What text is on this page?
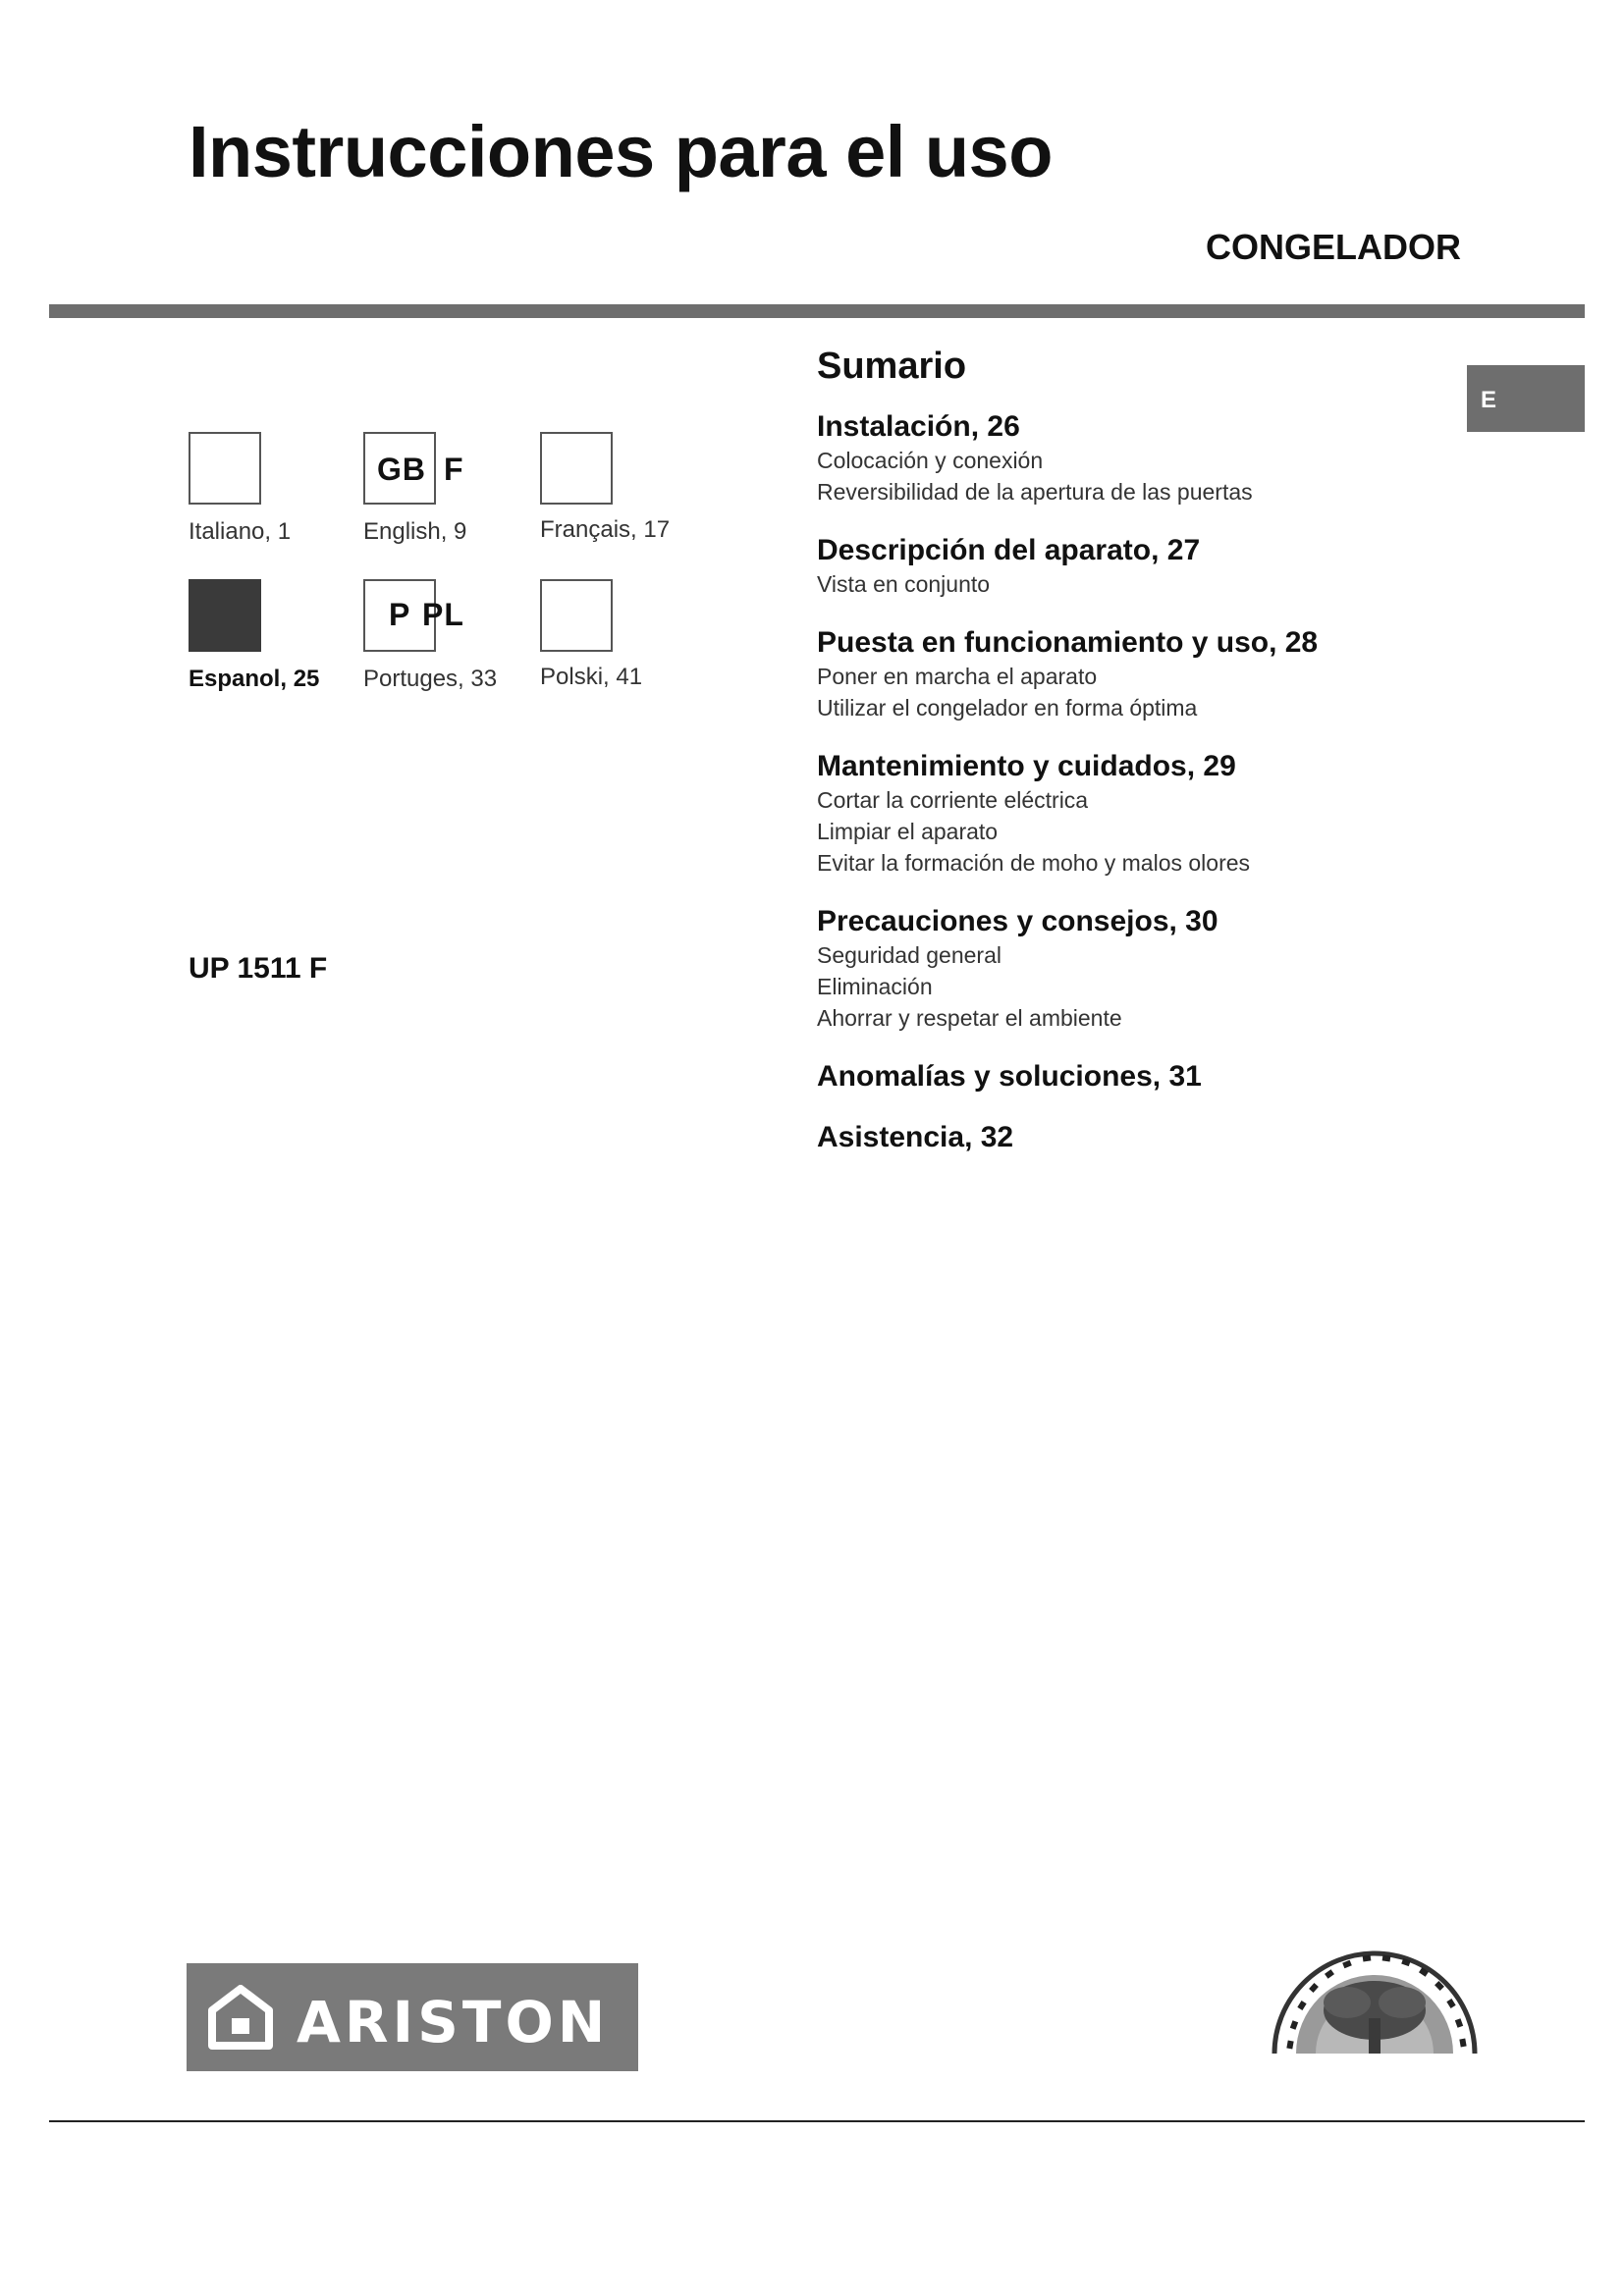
Instrucciones para el uso
CONGELADOR
E
Italiano, 1
GB
English, 9
F
Français, 17
Espanol, 25
P
Portuges, 33
PL
Polski, 41
UP 1511 F
Sumario
Instalación, 26
Colocación y conexión
Reversibilidad de la apertura de las puertas
Descripción del aparato, 27
Vista en conjunto
Puesta en funcionamiento y uso, 28
Poner en marcha el aparato
Utilizar el congelador en forma óptima
Mantenimiento y cuidados, 29
Cortar la corriente eléctrica
Limpiar el aparato
Evitar la formación de moho y malos olores
Precauciones y consejos, 30
Seguridad general
Eliminación
Ahorrar y respetar el ambiente
Anomalías y soluciones, 31
Asistencia, 32
ARISTON
